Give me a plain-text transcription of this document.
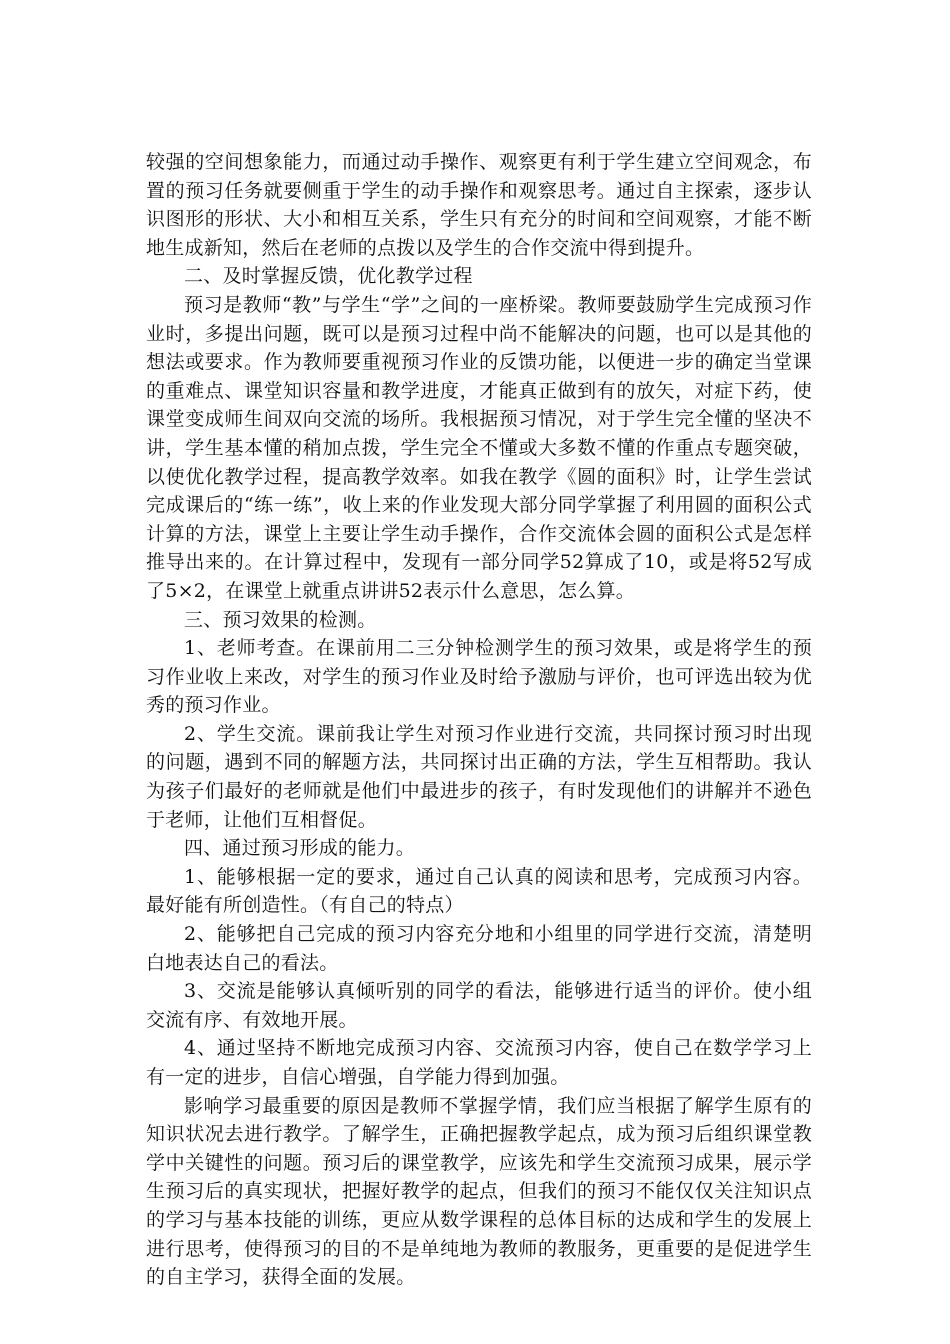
较强的空间想象能力，而通过动手操作、观察更有利于学生建立空间观念，布置的预习任务就要侧重于学生的动手操作和观察思考。通过自主探索，逐步认识图形的形状、大小和相互关系，学生只有充分的时间和空间观察，才能不断地生成新知，然后在老师的点拨以及学生的合作交流中得到提升。

二、及时掌握反馈，优化教学过程

预习是教师“教”与学生“学”之间的一座桥梁。教师要鼓励学生完成预习作业时，多提出问题，既可以是预习过程中尚不能解决的问题，也可以是其他的想法或要求。作为教师要重视预习作业的反馈功能，以便进一步的确定当堂课的重难点、课堂知识容量和教学进度，才能真正做到有的放矢，对症下药，使课堂变成师生间双向交流的场所。我根据预习情况，对于学生完全懂的坚决不讲，学生基本懂的稍加点拨，学生完全不懂或大多数不懂的作重点专题突破，以使优化教学过程，提高教学效率。如我在教学《圆的面积》时，让学生尝试完成课后的“练一练”，收上来的作业发现大部分同学掌握了利用圆的面积公式计算的方法，课堂上主要让学生动手操作，合作交流体会圆的面积公式是怎样推导出来的。在计算过程中，发现有一部分同学52算成了10，或是将52写成了5×2，在课堂上就重点讲讲52表示什么意思，怎么算。

三、预习效果的检测。

1、老师考查。在课前用二三分钟检测学生的预习效果，或是将学生的预习作业收上来改，对学生的预习作业及时给予激励与评价，也可评选出较为优秀的预习作业。

2、学生交流。课前我让学生对预习作业进行交流，共同探讨预习时出现的问题，遇到不同的解题方法，共同探讨出正确的方法，学生互相帮助。我认为孩子们最好的老师就是他们中最进步的孩子，有时发现他们的讲解并不逊色于老师，让他们互相督促。

四、通过预习形成的能力。

1、能够根据一定的要求，通过自己认真的阅读和思考，完成预习内容。最好能有所创造性。（有自己的特点）

2、能够把自己完成的预习内容充分地和小组里的同学进行交流，清楚明白地表达自己的看法。

3、交流是能够认真倾听别的同学的看法，能够进行适当的评价。使小组交流有序、有效地开展。

4、通过坚持不断地完成预习内容、交流预习内容，使自己在数学学习上有一定的进步，自信心增强，自学能力得到加强。

影响学习最重要的原因是教师不掌握学情，我们应当根据了解学生原有的知识状况去进行教学。了解学生，正确把握教学起点，成为预习后组织课堂教学中关键性的问题。预习后的课堂教学，应该先和学生交流预习成果，展示学生预习后的真实现状，把握好教学的起点，但我们的预习不能仅仅关注知识点的学习与基本技能的训练，更应从数学课程的总体目标的达成和学生的发展上进行思考，使得预习的目的不是单纯地为教师的教服务，更重要的是促进学生的自主学习，获得全面的发展。
